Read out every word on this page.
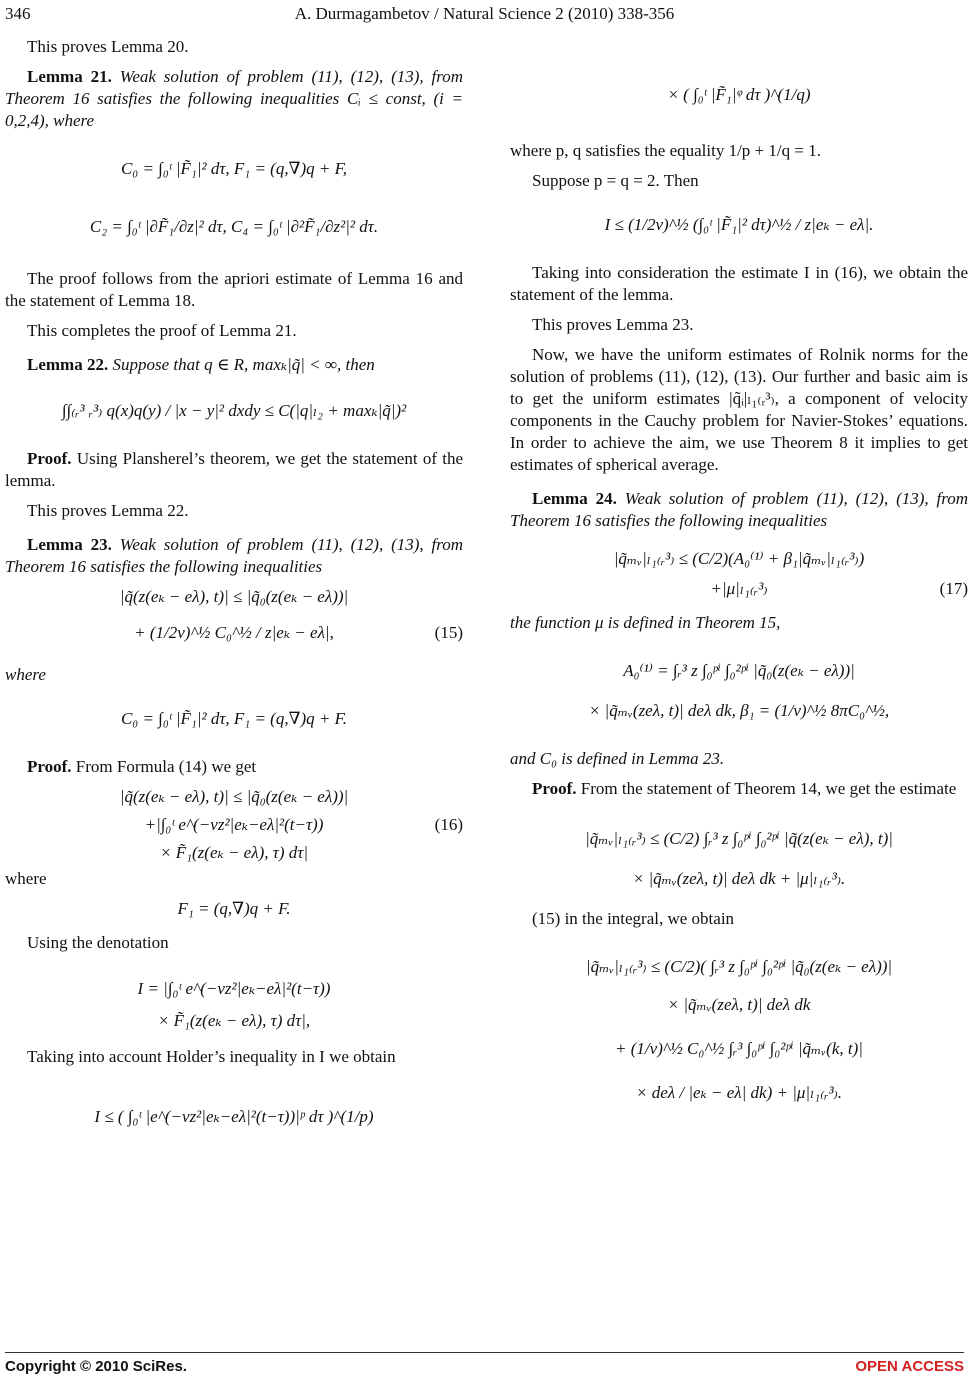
346	A. Durmagambetov / Natural Science 2 (2010) 338-356

This proves Lemma 20.

Lemma 21. Weak solution of problem (11), (12), (13), from Theorem 16 satisfies the following inequalities Cᵢ ≤ const, (i = 0,2,4), where

C₀ = ∫₀ᵗ |F̃₁|² dτ, F₁ = (q,∇)q + F,
C₂ = ∫₀ᵗ |∂F̃₁/∂z|² dτ, C₄ = ∫₀ᵗ |∂²F̃₁/∂z²|² dτ.

The proof follows from the apriori estimate of Lemma 16 and the statement of Lemma 18.

This completes the proof of Lemma 21.

Lemma 22. Suppose that q ∈ R, maxₖ|q̃| < ∞, then

∫∫₍ᵣ³ ᵣ³₎ q(x)q(y) / |x − y|² dxdy ≤ C(|q|ₗ₂ + maxₖ|q̃|)²

Proof. Using Plansherel’s theorem, we get the statement of the lemma.

This proves Lemma 22.

Lemma 23. Weak solution of problem (11), (12), (13), from Theorem 16 satisfies the following inequalities

|q̃(z(eₖ − eλ), t)| ≤ |q̃₀(z(eₖ − eλ))|
+ (1/2ν)^½ C₀^½ / z|eₖ − eλ|,	(15)

where

C₀ = ∫₀ᵗ |F̃₁|² dτ, F₁ = (q,∇)q + F.

Proof. From Formula (14) we get

|q̃(z(eₖ − eλ), t)| ≤ |q̃₀(z(eₖ − eλ))|
+|∫₀ᵗ e^(−νz²|eₖ−eλ|²(t−τ))	(16)
× F̃₁(z(eₖ − eλ), τ) dτ|

where

F₁ = (q,∇)q + F.

Using the denotation

I = |∫₀ᵗ e^(−νz²|eₖ−eλ|²(t−τ))
× F̃₁(z(eₖ − eλ), τ) dτ|,

Taking into account Holder’s inequality in I we obtain

I ≤ ( ∫₀ᵗ |e^(−νz²|eₖ−eλ|²(t−τ))|ᵖ dτ )^(1/p)
× ( ∫₀ᵗ |F̃₁|ᵠ dτ )^(1/q)

where p, q satisfies the equality 1/p + 1/q = 1.

Suppose p = q = 2. Then

I ≤ (1/2ν)^½ (∫₀ᵗ |F̃₁|² dτ)^½ / z|eₖ − eλ|.

Taking into consideration the estimate I in (16), we obtain the statement of the lemma.

This proves Lemma 23.

Now, we have the uniform estimates of Rolnik norms for the solution of problems (11), (12), (13). Our further and basic aim is to get the uniform estimates |q̃ᵢ|ₗ₁₍ᵣ³₎, a component of velocity components in the Cauchy problem for Navier-Stokes’ equations. In order to achieve the aim, we use Theorem 8 it implies to get estimates of spherical average.

Lemma 24. Weak solution of problem (11), (12), (13), from Theorem 16 satisfies the following inequalities

|q̃ₘᵥ|ₗ₁₍ᵣ³₎ ≤ (C/2)(A₀⁽¹⁾ + β₁|q̃ₘᵥ|ₗ₁₍ᵣ³₎)
+|μ|ₗ₁₍ᵣ³₎	(17)

the function μ is defined in Theorem 15,

A₀⁽¹⁾ = ∫ᵣ³ z ∫₀ᵖⁱ ∫₀²ᵖⁱ |q̃₀(z(eₖ − eλ))|
× |q̃ₘᵥ(zeλ, t)| deλ dk, β₁ = (1/ν)^½ 8πC₀^½,

and C₀ is defined in Lemma 23.

Proof. From the statement of Theorem 14, we get the estimate

|q̃ₘᵥ|ₗ₁₍ᵣ³₎ ≤ (C/2) ∫ᵣ³ z ∫₀ᵖⁱ ∫₀²ᵖⁱ |q̃(z(eₖ − eλ), t)|
× |q̃ₘᵥ(zeλ, t)| deλ dk + |μ|ₗ₁₍ᵣ³₎.

(15) in the integral, we obtain

|q̃ₘᵥ|ₗ₁₍ᵣ³₎ ≤ (C/2)( ∫ᵣ³ z ∫₀ᵖⁱ ∫₀²ᵖⁱ |q̃₀(z(eₖ − eλ))|
× |q̃ₘᵥ(zeλ, t)| deλ dk
+ (1/ν)^½ C₀^½ ∫ᵣ³ ∫₀ᵖⁱ ∫₀²ᵖⁱ |q̃ₘᵥ(k, t)|
× deλ / |eₖ − eλ| dk) + |μ|ₗ₁₍ᵣ³₎.
Copyright © 2010 SciRes.	OPEN ACCESS
